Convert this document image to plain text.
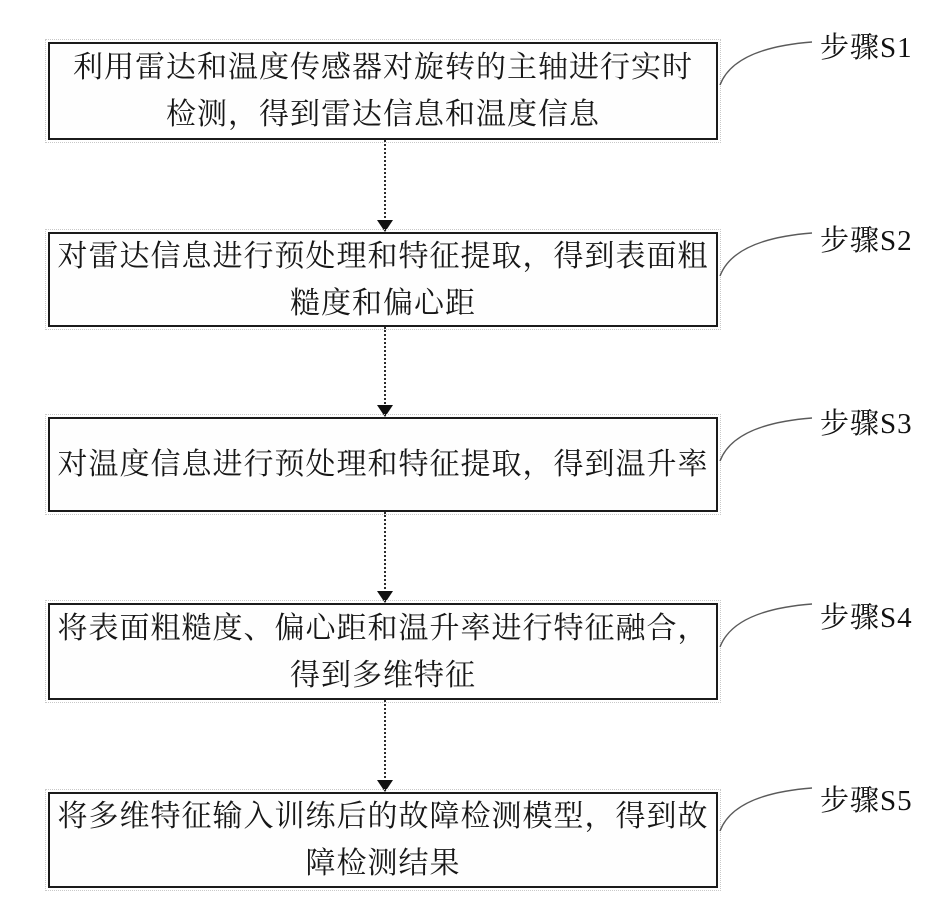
利用雷达和温度传感器对旋转的主轴进行实时
检测，得到雷达信息和温度信息
步骤S1
对雷达信息进行预处理和特征提取，得到表面粗
糙度和偏心距
步骤S2
对温度信息进行预处理和特征提取，得到温升率
步骤S3
将表面粗糙度、偏心距和温升率进行特征融合，
得到多维特征
步骤S4
将多维特征输入训练后的故障检测模型，得到故
障检测结果
步骤S5
